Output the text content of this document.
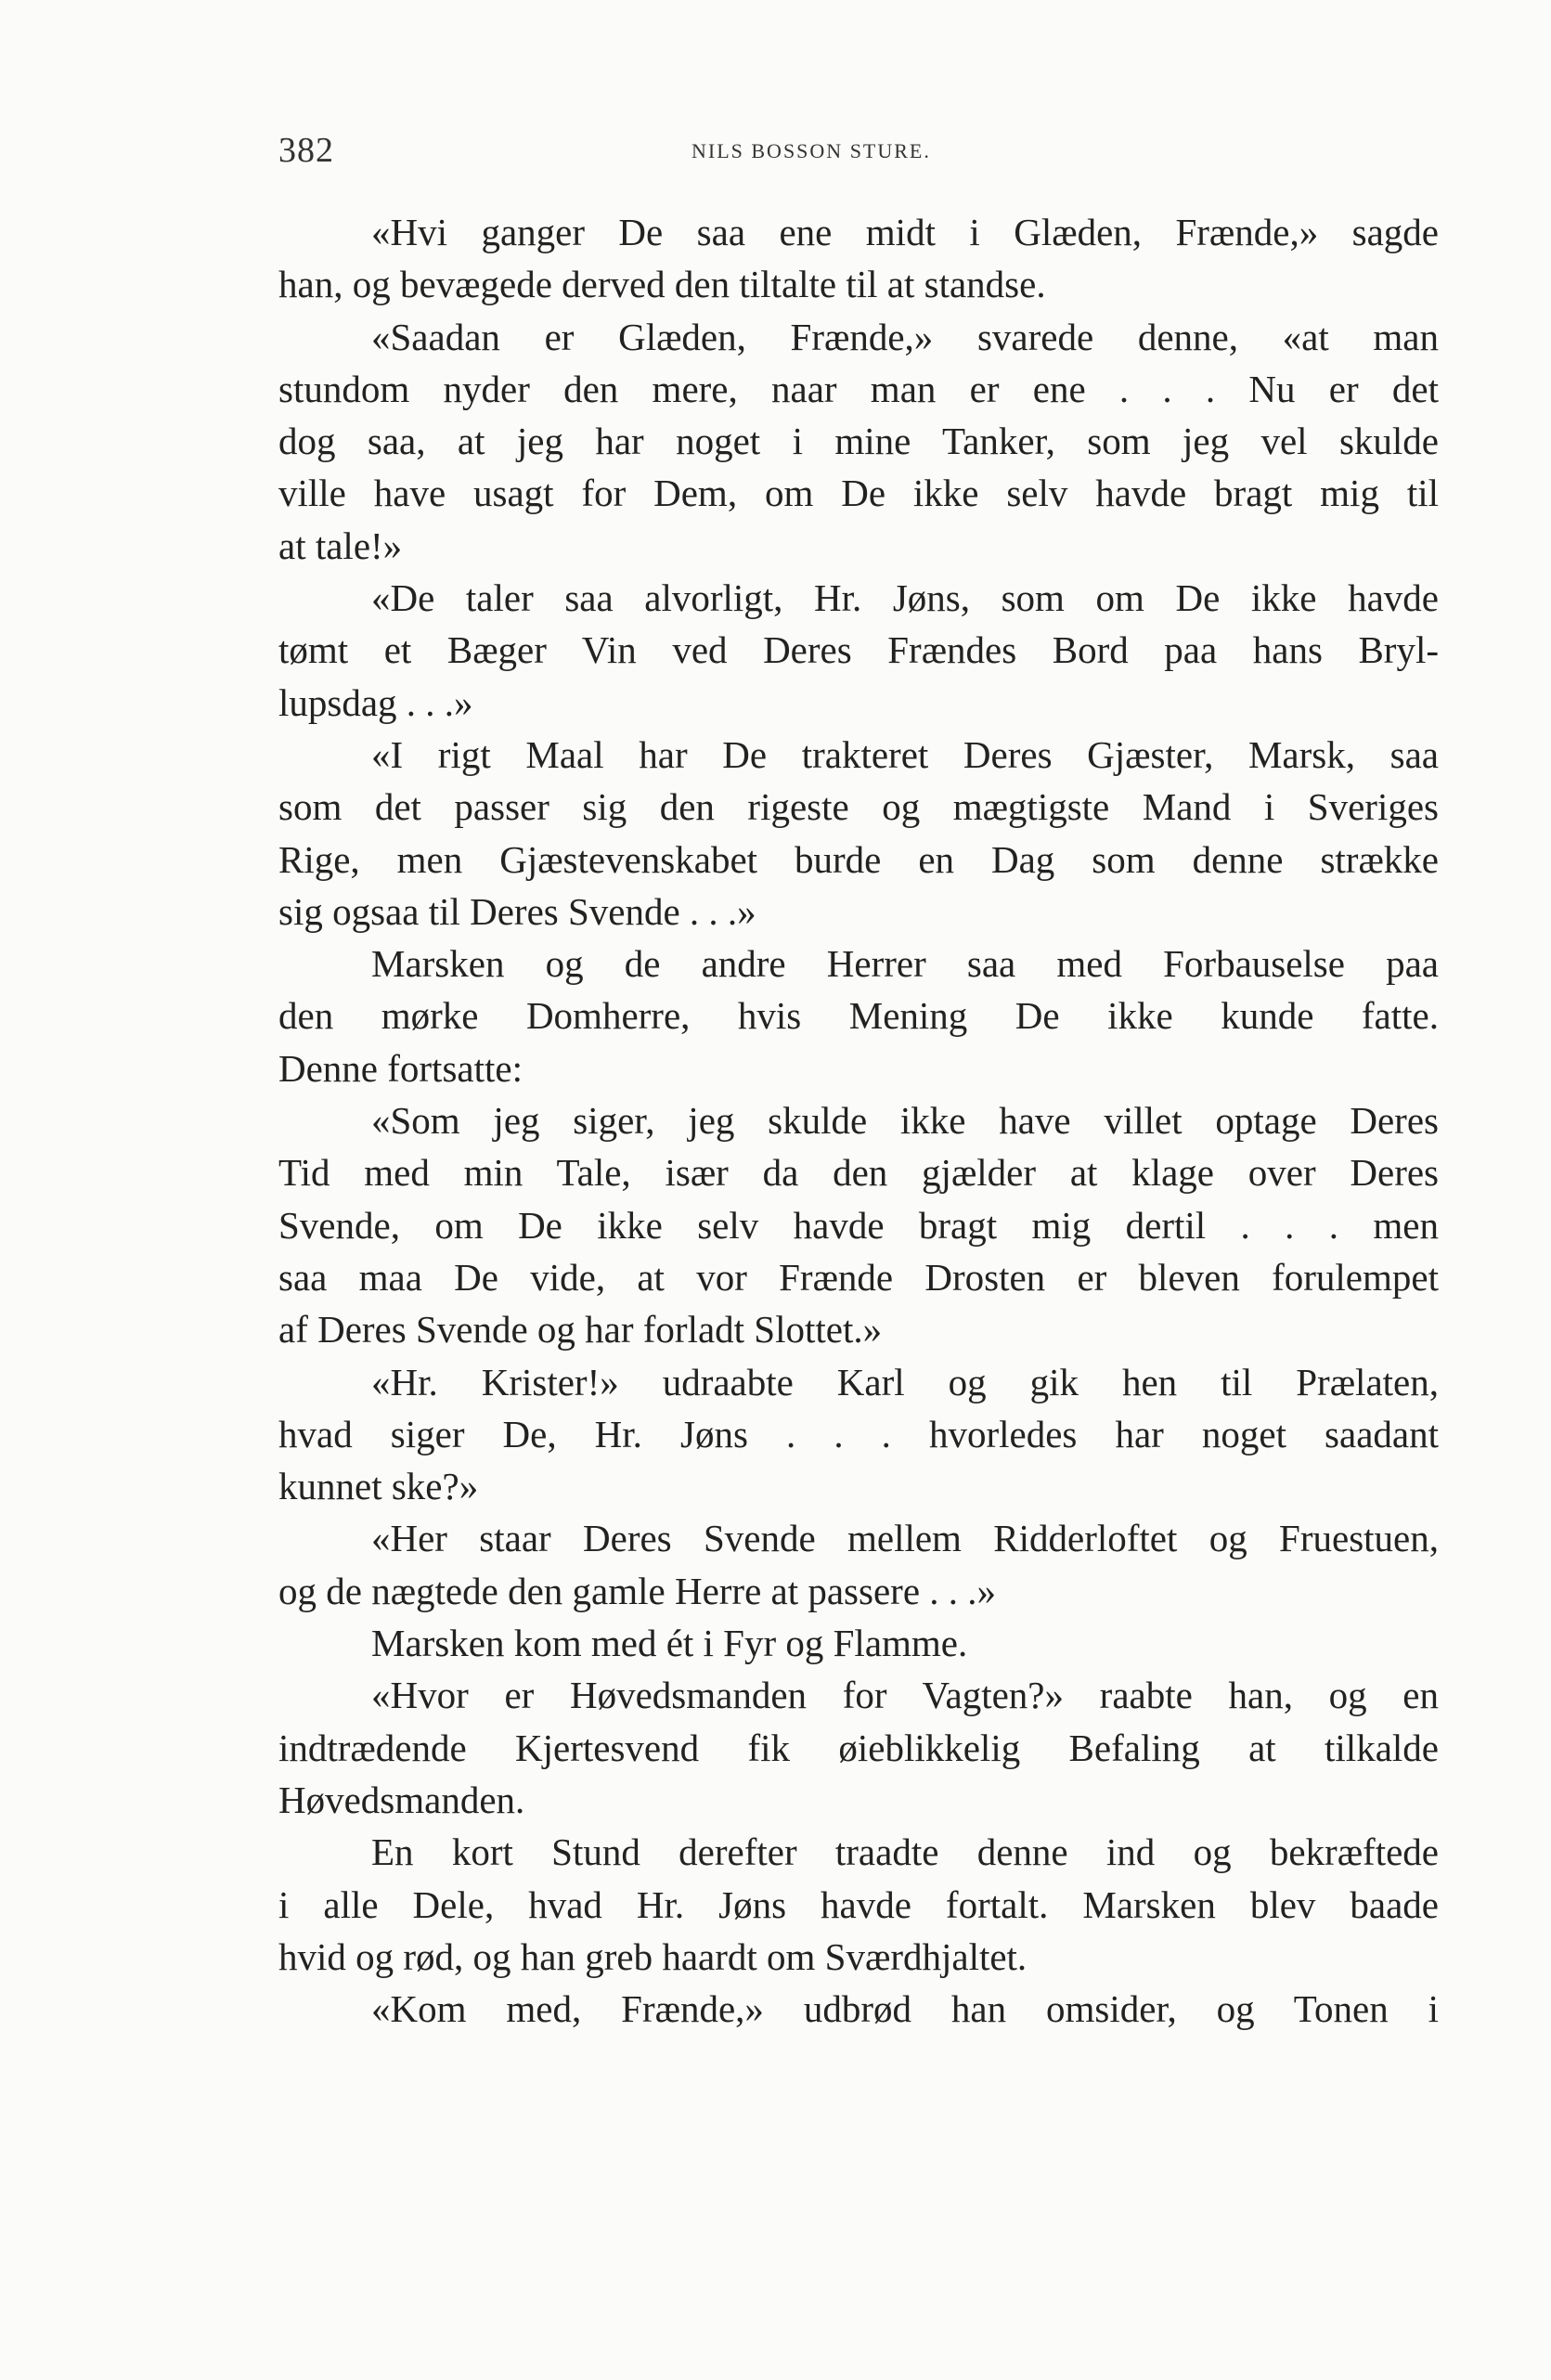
382	NILS BOSSON STURE.
«Hvi ganger De saa ene midt i Glæden, Frænde,» sagde
han, og bevægede derved den tiltalte til at standse.
«Saadan er Glæden, Frænde,» svarede denne, «at man
stundom nyder den mere, naar man er ene . . . Nu er det
dog saa, at jeg har noget i mine Tanker, som jeg vel skulde
ville have usagt for Dem, om De ikke selv havde bragt mig til
at tale!»
«De taler saa alvorligt, Hr. Jøns, som om De ikke havde
tømt et Bæger Vin ved Deres Frændes Bord paa hans Bryl-
lupsdag . . .»
«I rigt Maal har De trakteret Deres Gjæster, Marsk, saa
som det passer sig den rigeste og mægtigste Mand i Sveriges
Rige, men Gjæstevenskabet burde en Dag som denne strække
sig ogsaa til Deres Svende . . .»
Marsken og de andre Herrer saa med Forbauselse paa
den mørke Domherre, hvis Mening De ikke kunde fatte.
Denne fortsatte:
«Som jeg siger, jeg skulde ikke have villet optage Deres
Tid med min Tale, især da den gjælder at klage over Deres
Svende, om De ikke selv havde bragt mig dertil . . . men
saa maa De vide, at vor Frænde Drosten er bleven forulempet
af Deres Svende og har forladt Slottet.»
«Hr. Krister!» udraabte Karl og gik hen til Prælaten,
hvad siger De, Hr. Jøns . . . hvorledes har noget saadant
kunnet ske?»
«Her staar Deres Svende mellem Ridderloftet og Fruestuen,
og de nægtede den gamle Herre at passere . . .»
Marsken kom med ét i Fyr og Flamme.
«Hvor er Høvedsmanden for Vagten?» raabte han, og en
indtrædende Kjertesvend fik øieblikkelig Befaling at tilkalde
Høvedsmanden.
En kort Stund derefter traadte denne ind og bekræftede
i alle Dele, hvad Hr. Jøns havde fortalt. Marsken blev baade
hvid og rød, og han greb haardt om Sværdhjaltet.
«Kom med, Frænde,» udbrød han omsider, og Tonen i
